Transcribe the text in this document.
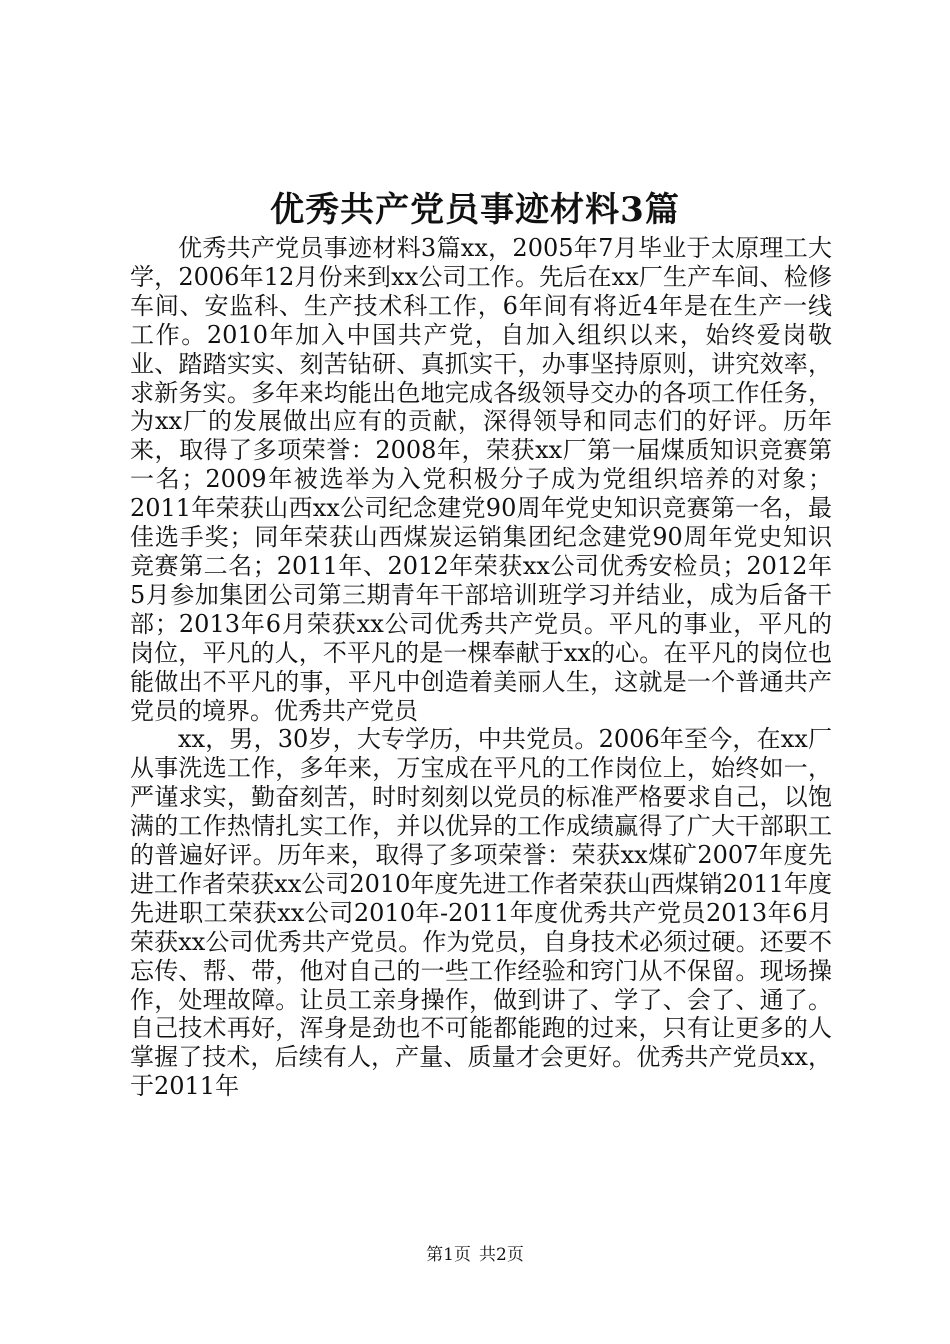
优秀共产党员事迹材料3篇

优秀共产党员事迹材料3篇xx，2005年7月毕业于太原理工大学，2006年12月份来到xx公司工作。先后在xx厂生产车间、检修车间、安监科、生产技术科工作，6年间有将近4年是在生产一线工作。2010年加入中国共产党，自加入组织以来，始终爱岗敬业、踏踏实实、刻苦钻研、真抓实干，办事坚持原则，讲究效率，求新务实。多年来均能出色地完成各级领导交办的各项工作任务，为xx厂的发展做出应有的贡献，深得领导和同志们的好评。历年来，取得了多项荣誉：2008年，荣获xx厂第一届煤质知识竞赛第一名；2009年被选举为入党积极分子成为党组织培养的对象；2011年荣获山西xx公司纪念建党90周年党史知识竞赛第一名，最佳选手奖；同年荣获山西煤炭运销集团纪念建党90周年党史知识竞赛第二名；2011年、2012年荣获xx公司优秀安检员；2012年5月参加集团公司第三期青年干部培训班学习并结业，成为后备干部；2013年6月荣获xx公司优秀共产党员。平凡的事业，平凡的岗位，平凡的人，不平凡的是一棵奉献于xx的心。在平凡的岗位也能做出不平凡的事，平凡中创造着美丽人生，这就是一个普通共产党员的境界。优秀共产党员

xx，男，30岁，大专学历，中共党员。2006年至今，在xx厂从事洗选工作，多年来，万宝成在平凡的工作岗位上，始终如一，严谨求实，勤奋刻苦，时时刻刻以党员的标准严格要求自己，以饱满的工作热情扎实工作，并以优异的工作成绩赢得了广大干部职工的普遍好评。历年来，取得了多项荣誉：荣获xx煤矿2007年度先进工作者荣获xx公司2010年度先进工作者荣获山西煤销2011年度先进职工荣获xx公司2010年-2011年度优秀共产党员2013年6月荣获xx公司优秀共产党员。作为党员，自身技术必须过硬。还要不忘传、帮、带，他对自己的一些工作经验和窍门从不保留。现场操作，处理故障。让员工亲身操作，做到讲了、学了、会了、通了。自己技术再好，浑身是劲也不可能都能跑的过来，只有让更多的人掌握了技术，后续有人，产量、质量才会更好。优秀共产党员xx，于2011年

第1页 共2页
